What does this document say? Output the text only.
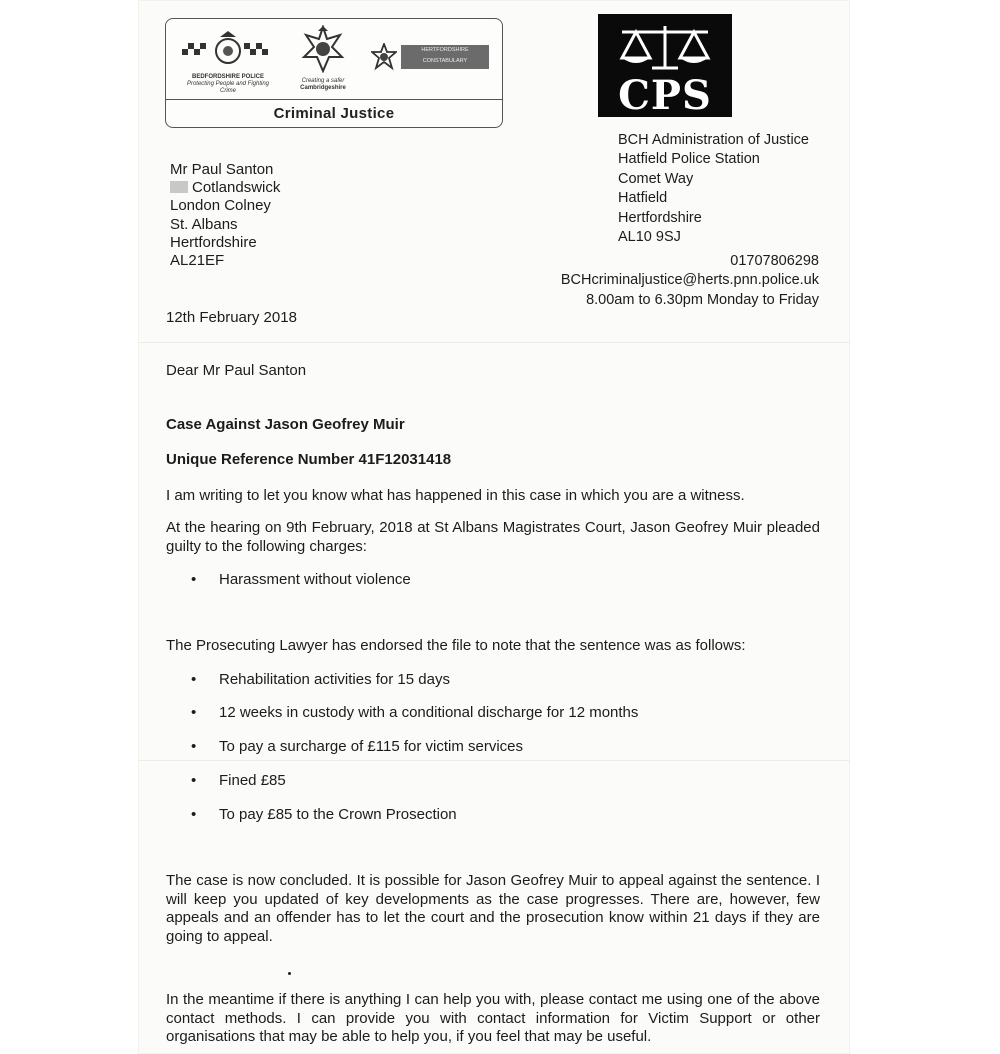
BEDFORDSHIRE POLICE
Protecting People and Fighting Crime
Creating a safer
Cambridgeshire
HERTFORDSHIRE
CONSTABULARY
Criminal Justice	CPS
BCH Administration of Justice
Hatfield Police Station
Comet Way
Hatfield
Hertfordshire
AL10 9SJ
01707806298
BCHcriminaljustice@herts.pnn.police.uk
8.00am to 6.30pm Monday to Friday
Mr Paul Santon
Cotlandswick
London Colney
St. Albans
Hertfordshire
AL21EF
12th February 2018
Dear Mr Paul Santon
Case Against Jason Geofrey Muir
Unique Reference Number 41F12031418
I am writing to let you know what has happened in this case in which you are a witness.
At the hearing on 9th February, 2018 at St Albans Magistrates Court, Jason Geofrey Muir pleaded guilty to the following charges:
• Harassment without violence
The Prosecuting Lawyer has endorsed the file to note that the sentence was as follows:
• Rehabilitation activities for 15 days
• 12 weeks in custody with a conditional discharge for 12 months
• To pay a surcharge of £115 for victim services
• Fined £85
• To pay £85 to the Crown Prosection
The case is now concluded. It is possible for Jason Geofrey Muir to appeal against the sentence. I will keep you updated of key developments as the case progresses. There are, however, few appeals and an offender has to let the court and the prosecution know within 21 days if they are going to appeal.
In the meantime if there is anything I can help you with, please contact me using one of the above contact methods. I can provide you with contact information for Victim Support or other organisations that may be able to help you, if you feel that may be useful.
